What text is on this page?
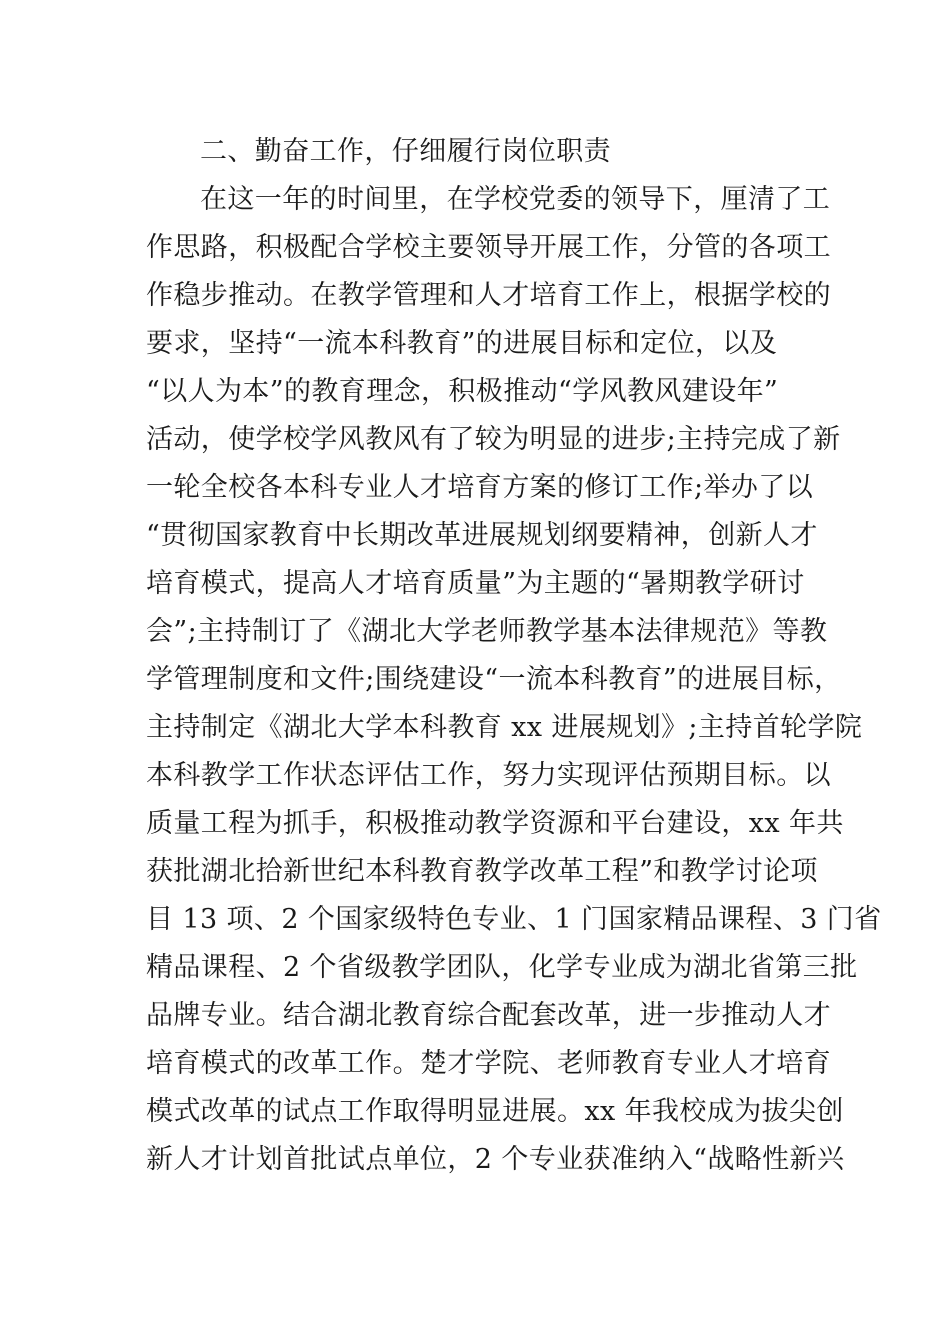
二、勤奋工作，仔细履行岗位职责
在这一年的时间里，在学校党委的领导下，厘清了工
作思路，积极配合学校主要领导开展工作，分管的各项工
作稳步推动。在教学管理和人才培育工作上，根据学校的
要求，坚持“一流本科教育”的进展目标和定位，以及
“以人为本”的教育理念，积极推动“学风教风建设年”
活动，使学校学风教风有了较为明显的进步;主持完成了新
一轮全校各本科专业人才培育方案的修订工作;举办了以
“贯彻国家教育中长期改革进展规划纲要精神，创新人才
培育模式，提高人才培育质量”为主题的“暑期教学研讨
会”;主持制订了《湖北大学老师教学基本法律规范》等教
学管理制度和文件;围绕建设“一流本科教育”的进展目标，
主持制定《湖北大学本科教育 xx 进展规划》;主持首轮学院
本科教学工作状态评估工作，努力实现评估预期目标。以
质量工程为抓手，积极推动教学资源和平台建设，xx 年共
获批湖北拾新世纪本科教育教学改革工程”和教学讨论项
目 13 项、2 个国家级特色专业、1 门国家精品课程、3 门省
精品课程、2 个省级教学团队，化学专业成为湖北省第三批
品牌专业。结合湖北教育综合配套改革，进一步推动人才
培育模式的改革工作。楚才学院、老师教育专业人才培育
模式改革的试点工作取得明显进展。xx 年我校成为拔尖创
新人才计划首批试点单位，2 个专业获准纳入“战略性新兴
